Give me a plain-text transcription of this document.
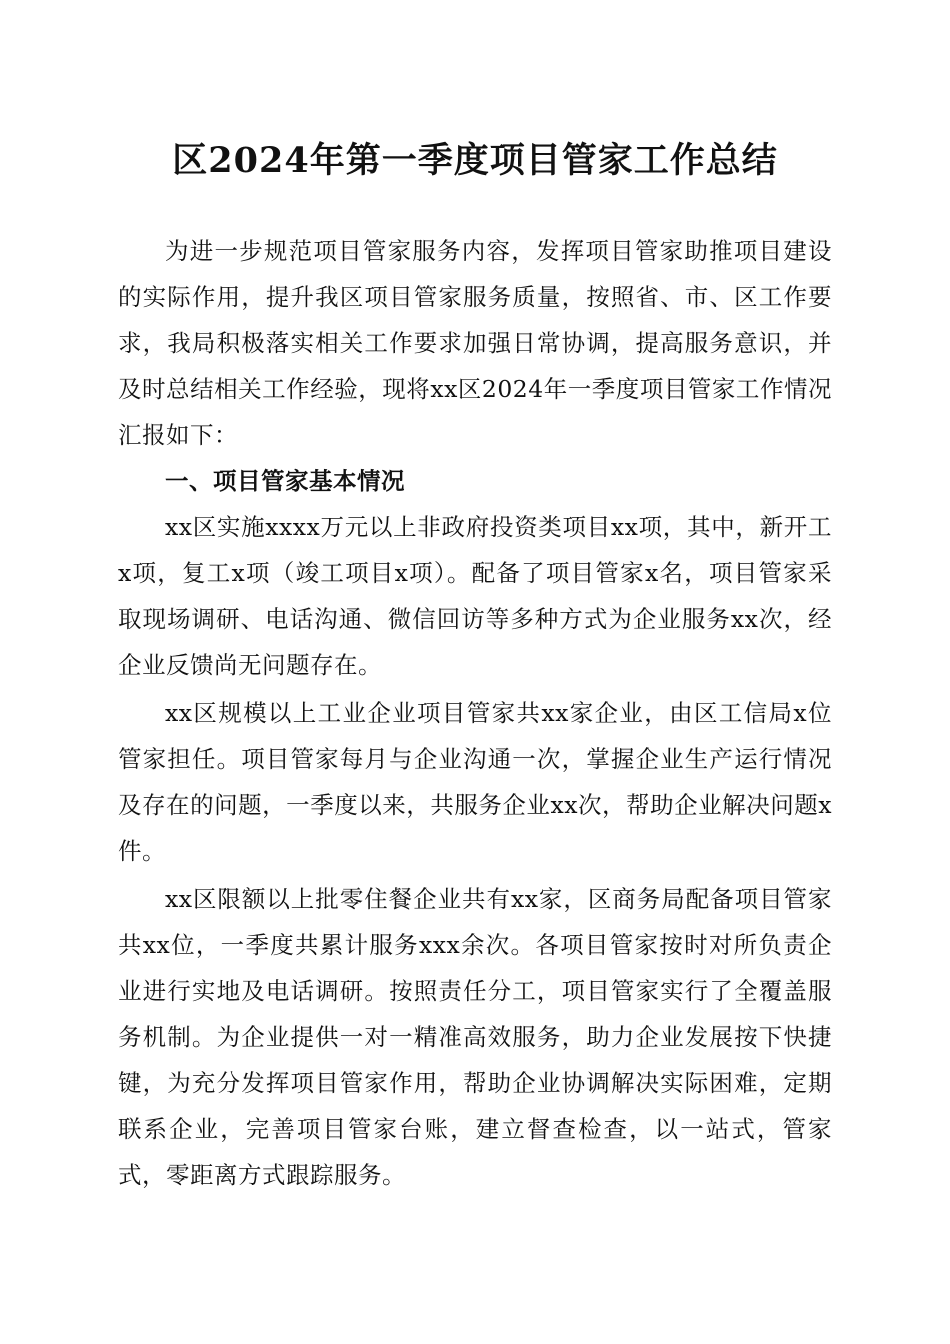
区2024年第一季度项目管家工作总结

为进一步规范项目管家服务内容，发挥项目管家助推项目建设的实际作用，提升我区项目管家服务质量，按照省、市、区工作要求，我局积极落实相关工作要求加强日常协调，提高服务意识，并及时总结相关工作经验，现将xx区2024年一季度项目管家工作情况汇报如下：

一、项目管家基本情况

xx区实施xxxx万元以上非政府投资类项目xx项，其中，新开工x项，复工x项（竣工项目x项）。配备了项目管家x名，项目管家采取现场调研、电话沟通、微信回访等多种方式为企业服务xx次，经企业反馈尚无问题存在。

xx区规模以上工业企业项目管家共xx家企业，由区工信局x位管家担任。项目管家每月与企业沟通一次，掌握企业生产运行情况及存在的问题，一季度以来，共服务企业xx次，帮助企业解决问题x件。

xx区限额以上批零住餐企业共有xx家，区商务局配备项目管家共xx位，一季度共累计服务xxx余次。各项目管家按时对所负责企业进行实地及电话调研。按照责任分工，项目管家实行了全覆盖服务机制。为企业提供一对一精准高效服务，助力企业发展按下快捷键，为充分发挥项目管家作用，帮助企业协调解决实际困难，定期联系企业，完善项目管家台账，建立督查检查，以一站式，管家式，零距离方式跟踪服务。
